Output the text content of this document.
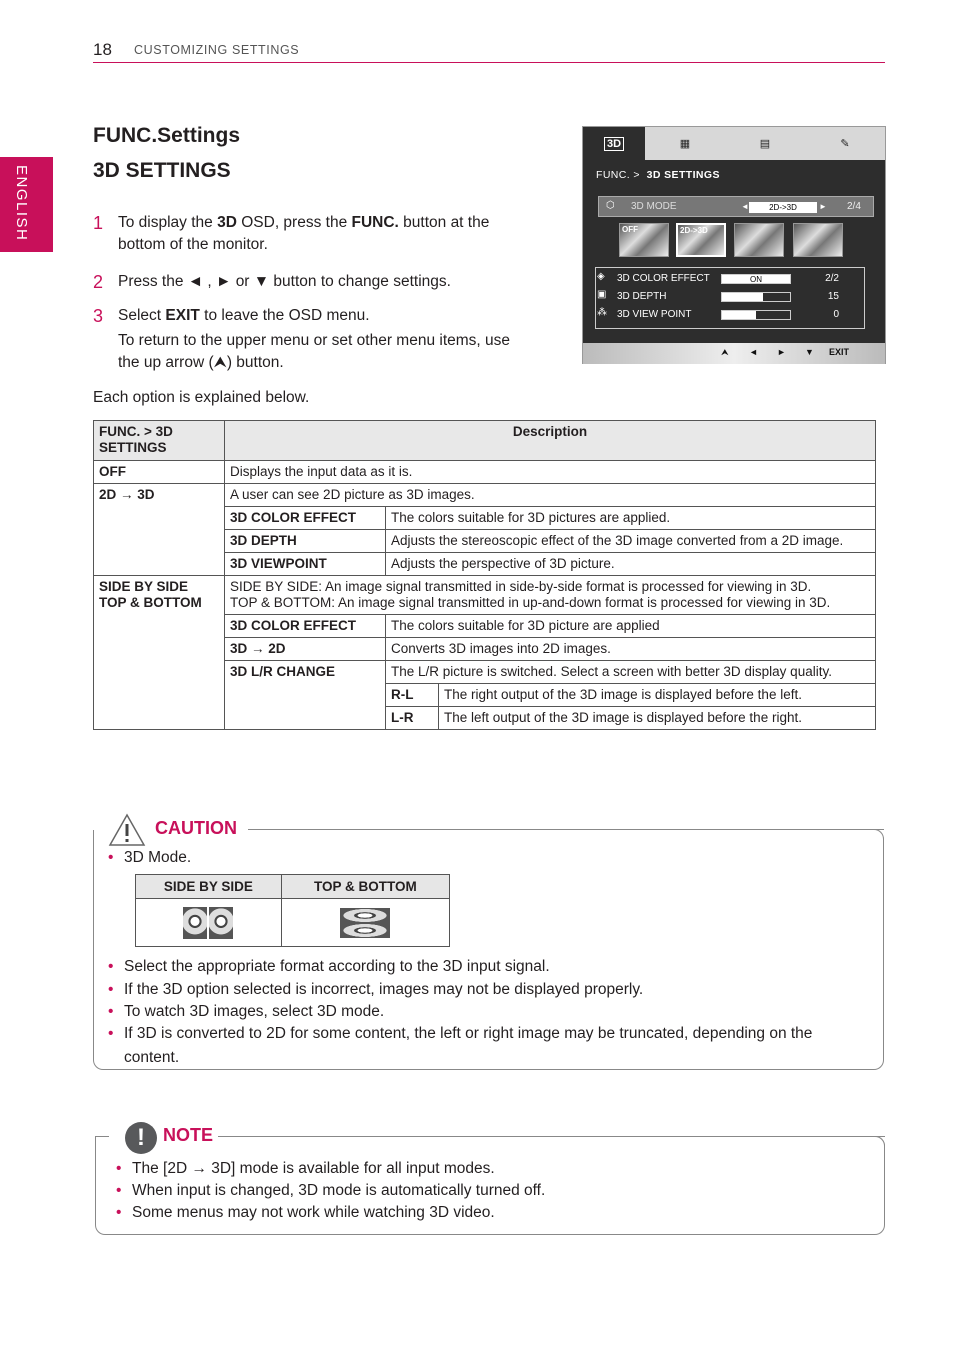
18 CUSTOMIZING SETTINGS
ENGLISH
FUNC.Settings
3D SETTINGS
1 To display the 3D OSD, press the FUNC. button at the bottom of the monitor.
2 Press the ◄ , ► or ▼ button to change settings.
3 Select EXIT to leave the OSD menu.

To return to the upper menu or set other menu items, use the up arrow (⮝) button.
Each option is explained below.
3D	▦	▤	✎
FUNC. > 3D SETTINGS
⬡ 3D MODE	◄	2D->3D	► 2/4
OFF	2D->3D
◈ 3D COLOR EFFECT	ON	2/2
▣ 3D DEPTH	15
⁂ 3D VIEW POINT	0
⮝ ◄ ► ▼ EXIT
FUNC. > 3D SETTINGS	Description		
OFF	Displays the input data as it is.		
2D → 3D	A user can see 2D picture as 3D images.		
	3D COLOR EFFECT	The colors suitable for 3D pictures are applied.	
	3D DEPTH	Adjusts the stereoscopic effect of the 3D image converted from a 2D image.	
	3D VIEWPOINT	Adjusts the perspective of 3D picture.	
SIDE BY SIDE
TOP & BOTTOM	SIDE BY SIDE: An image signal transmitted in side-by-side format is processed for viewing in 3D.
TOP & BOTTOM: An image signal transmitted in up-and-down format is processed for viewing in 3D.		
	3D COLOR EFFECT	The colors suitable for 3D picture are applied	
	3D → 2D	Converts 3D images into 2D images.	
	3D L/R CHANGE	The L/R picture is switched. Select a screen with better 3D display quality.	
		R-L	The right output of the 3D image is displayed before the left.
		L-R	The left output of the 3D image is displayed before the right.
CAUTION
• 3D Mode.
SIDE BY SIDE	TOP & BOTTOM

• Select the appropriate format according to the 3D input signal.
• If the 3D option selected is incorrect, images may not be displayed properly.
• To watch 3D images, select 3D mode.
• If 3D is converted to 2D for some content, the left or right image may be truncated, depending on the content.
!	NOTE
• The [2D → 3D] mode is available for all input modes.
• When input is changed, 3D mode is automatically turned off.
• Some menus may not work while watching 3D video.
